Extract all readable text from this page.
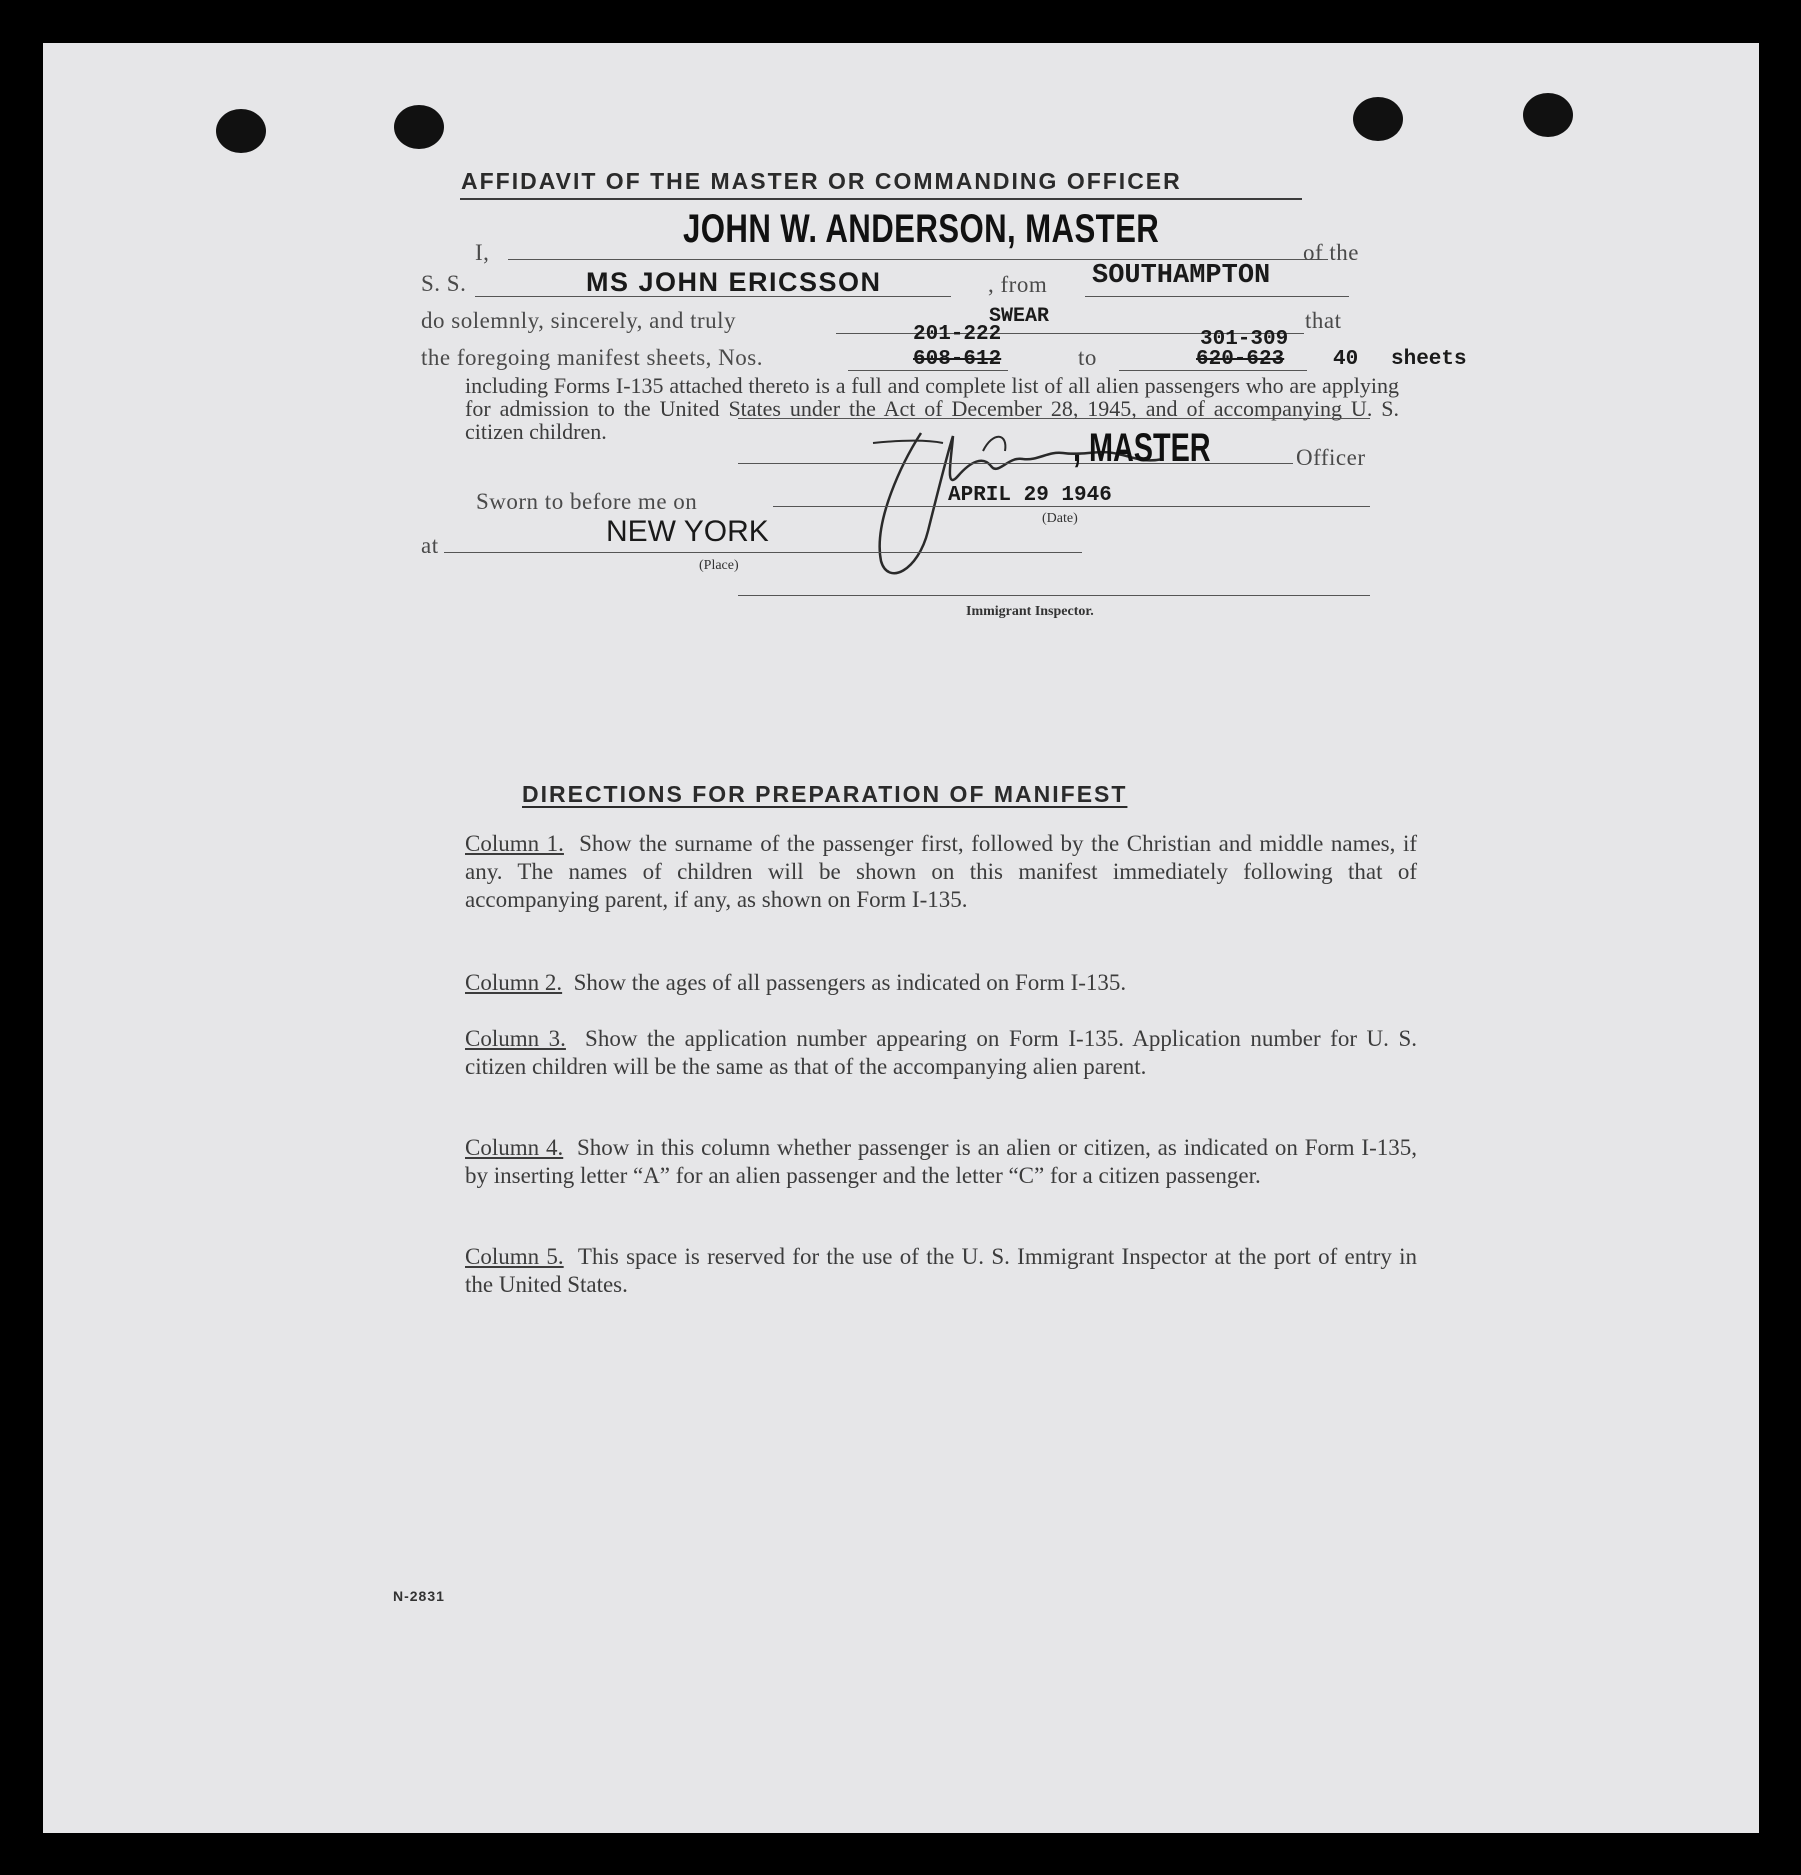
AFFIDAVIT OF THE MASTER OR COMMANDING OFFICER
I,
JOHN W. ANDERSON, MASTER
of the
S. S.	MS JOHN ERICSSON	, from SOUTHAMPTON
do solemnly, sincerely, and truly	SWEAR	that
the foregoing manifest sheets, Nos.
201-222
608-612	to
301-309
620-623 40 sheets
including Forms I-135 attached thereto is a full and complete list of all alien passengers who are applying for admission to the United States under the Act of December 28, 1945, and of accompanying U. S. citizen children.	, MASTER	Officer
Sworn to before me on	APRIL 29 1946
(Date)
at	NEW YORK
(Place)
Immigrant Inspector.
DIRECTIONS FOR PREPARATION OF MANIFEST
Column 1. Show the surname of the passenger first, followed by the Christian and middle names, if any. The names of children will be shown on this manifest immediately following that of accompanying parent, if any, as shown on Form I-135.
Column 2. Show the ages of all passengers as indicated on Form I-135.
Column 3. Show the application number appearing on Form I-135. Application number for U. S. citizen children will be the same as that of the accompanying alien parent.
Column 4. Show in this column whether passenger is an alien or citizen, as indicated on Form I-135, by inserting letter “A” for an alien passenger and the letter “C” for a citizen passenger.
Column 5. This space is reserved for the use of the U. S. Immigrant Inspector at the port of entry in the United States.
N-2831
